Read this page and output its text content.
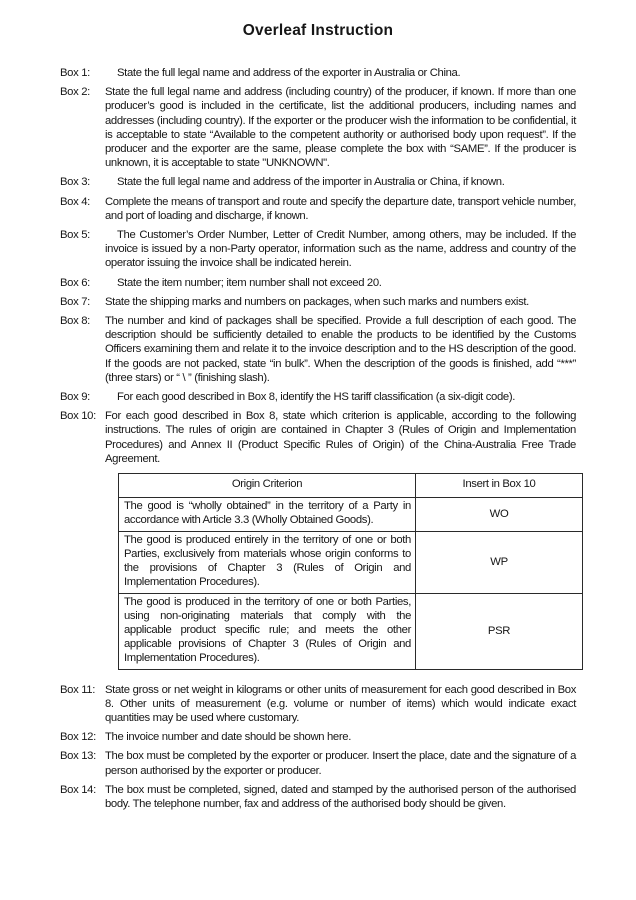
Overleaf Instruction
Box 1:	State the full legal name and address of the exporter in Australia or China.
Box 2: State the full legal name and address (including country) of the producer, if known. If more than one producer’s good is included in the certificate, list the additional producers, including names and addresses (including country). If the exporter or the producer wish the information to be confidential, it is acceptable to state “Available to the competent authority or authorised body upon request”. If the producer and the exporter are the same, please complete the box with “SAME”. If the producer is unknown, it is acceptable to state "UNKNOWN".
Box 3:	State the full legal name and address of the importer in Australia or China, if known.
Box 4: Complete the means of transport and route and specify the departure date, transport vehicle number, and port of loading and discharge, if known.
Box 5:	The Customer’s Order Number, Letter of Credit Number, among others, may be included. If the invoice is issued by a non-Party operator, information such as the name, address and country of the operator issuing the invoice shall be indicated herein.
Box 6:	State the item number; item number shall not exceed 20.
Box 7: State the shipping marks and numbers on packages, when such marks and numbers exist.
Box 8: The number and kind of packages shall be specified. Provide a full description of each good. The description should be sufficiently detailed to enable the products to be identified by the Customs Officers examining them and relate it to the invoice description and to the HS description of the good. If the goods are not packed, state “in bulk”. When the description of the goods is finished, add “***” (three stars) or “ \ ” (finishing slash).
Box 9:	For each good described in Box 8, identify the HS tariff classification (a six-digit code).
Box 10: For each good described in Box 8, state which criterion is applicable, according to the following instructions. The rules of origin are contained in Chapter 3 (Rules of Origin and Implementation Procedures) and Annex II (Product Specific Rules of Origin) of the China-Australia Free Trade Agreement.
Origin Criterion	Insert in Box 10
The good is “wholly obtained” in the territory of a Party in accordance with Article 3.3 (Wholly Obtained Goods).	WO
The good is produced entirely in the territory of one or both Parties, exclusively from materials whose origin conforms to the provisions of Chapter 3 (Rules of Origin and Implementation Procedures).	WP
The good is produced in the territory of one or both Parties, using non-originating materials that comply with the applicable product specific rule; and meets the other applicable provisions of Chapter 3 (Rules of Origin and Implementation Procedures).	PSR
Box 11: State gross or net weight in kilograms or other units of measurement for each good described in Box 8. Other units of measurement (e.g. volume or number of items) which would indicate exact quantities may be used where customary.
Box 12: The invoice number and date should be shown here.
Box 13: The box must be completed by the exporter or producer. Insert the place, date and the signature of a person authorised by the exporter or producer.
Box 14: The box must be completed, signed, dated and stamped by the authorised person of the authorised body. The telephone number, fax and address of the authorised body should be given.
